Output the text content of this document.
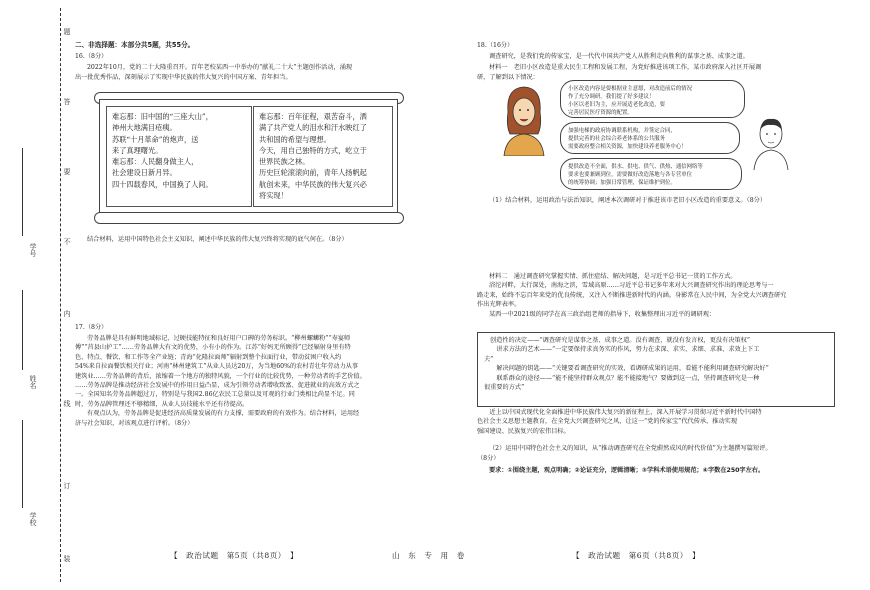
题
答
要
不
内
线
订
装
学号
姓名
学校
二、非选择题：本部分共5题，共55分。
16.（8分）
2022年10月，党的二十大隆重召开。百年老校某西一中举办的“献礼二十大”主题创作活动，涌现
出一批优秀作品，深刻展示了实现中华民族的伟大复兴的中国方案、青年担当。
难忘那：旧中国的“三座大山”，
神州大地满目疮痍。
苏联“十月革命”的炮声，送
来了真理曙光。
难忘那：人民翻身做主人，
社会建设日新月异。
四十四载春风，中国换了人间。
难忘那：百年征程，艰苦奋斗，洒
满了共产党人的泪水和汗水映红了
共和国的希望与理想。
今天，用自己独特的方式，屹立于
世界民族之林。
历史巨轮滚滚向前，青年人扬帆起
航创未来，中华民族的伟大复兴必
将实现！
结合材料，运用中国特色社会主义知识，阐述中华民族的伟大复兴终将实现的底气何在。（8分）
17.（8分）
劳务品牌是具有鲜明地域标记、过硬技能特征和良好用户口碑的劳务标识。“柳州螺蛳粉”“寿宴师
傅”“莒县山护工”……劳务品牌大有文的优势，小有小的作为。江苏“好妈无所顾得”已经辐射身里有特
色、特点、餐饮、和工作等全产业链；青海“化隆拉面师”辐射到整个拉面行业，带动贫困户收入约
54%来自拉面餐饮相关行业；河南“林州建筑工”从业人员达20万，为当地60%的农村青壮年劳动力从事
建筑业……劳务品牌的背后，浓缩着一个地方的独特风貌，一个行业的比较优势，一种劳动者的手艺价值。
……劳务品牌是推动经济社会发展中的作用日益凸显，成为引领劳动者增收致富、促进就业的高效方式之
一。全国知名劳务品牌超过万，特别是与我国2.86亿农民工总量以及可观的行业门类相比尚显不足。同
时，劳务品牌管理还不够精细，从业人员技能水平还有待提高。
有观点认为，劳务品牌是促进经济高质量发展的有力支撑，需要政府的有效作为。结合材料，运用经
济与社会知识，对该观点进行评析。（8分）
18.（16分）
调查研究，是我们党的传家宝，是一代代中国共产党人从胜利走向胜利的谋事之基、成事之道。
材料一　老旧小区改造是重大民生工程和发展工程，为党好推进该项工作，某市政府深入社区开展调
研，了解到以下情况：
小区改造内容是要根据业主意愿，对改造前后的情况
作了充分调研。我们提了好多建议！
小区以老旧为主，应开展适老化改造，要
完善居民医疗资源的配置。
加强电梯的政府协调联系机构，并签定合同，
提供完善的社会综合养老体系的公共服务
需要政府整合相关资源，加快建设养老服务中心！
提供改造不全面，供水、供电、供气、供热、通信网络等
要求也要兼顾到位，需要做好改造落地与各专营单位
的统筹协调；加强日常管理，保证维护到位。
（1）结合材料，运用政治与法治知识，阐述本次调研对于推进该市老旧小区改造的重要意义。（8分）
材料二　通过调查研究掌握实情、抓住症结、解决问题，是习近平总书记一贯的工作方式。
浴沱河畔，太行深处，南海之滨，雪域高原……习近平总书记多年来对大兴调查研究作出的理论思考与一
路走来，始终不忘百年来党的优良传统，又注入不断推进新时代的内涵。身影常在人民中间，为全党大兴调查研究
作出光辉表率。
某西一中2021级的同学在高三政治组老师的指导下，收集整理出习近平的调研观：
创造性的决定——“调查研究是谋事之基、成事之道。没有调查，就没有发言权，更没有决策权”
　　讲求方法的艺术——“一定要保持求真务实的作风，努力在求深、求实、求细、求准、求效上下工
夫”
　　解决问题的钥匙——“关键要看调查研究的实效，看调研成果的运用，看能不能利用调查研究解决好”
　　联系群众的途径——“能不能坚持群众观点？能不能接地气？要做到这一点，坚持调查研究是一种
很重要的方式”
　　近上以中国式现代化全面推进中华民族伟大复兴的新征程上，深入开展学习贯彻习近平新时代中国特
色社会主义思想主题教育，在全党大兴调查研究之风，让这一“党的传家宝”代代传承，推动实现
强国建设、民族复兴的宏伟目标。
（2）运用中国特色社会主义的知识，从“推动调查研究在全党蔚然成风的时代价值”为主题撰写篇短评。
（8分）
要求：①围绕主题，观点明确；②论证充分，逻辑清晰；③学科术语使用规范；④字数在250字左右。
【　政治试题　第5页（共8页）　】	山　东　专　用　卷	【　政治试题　第6页（共8页）　】
